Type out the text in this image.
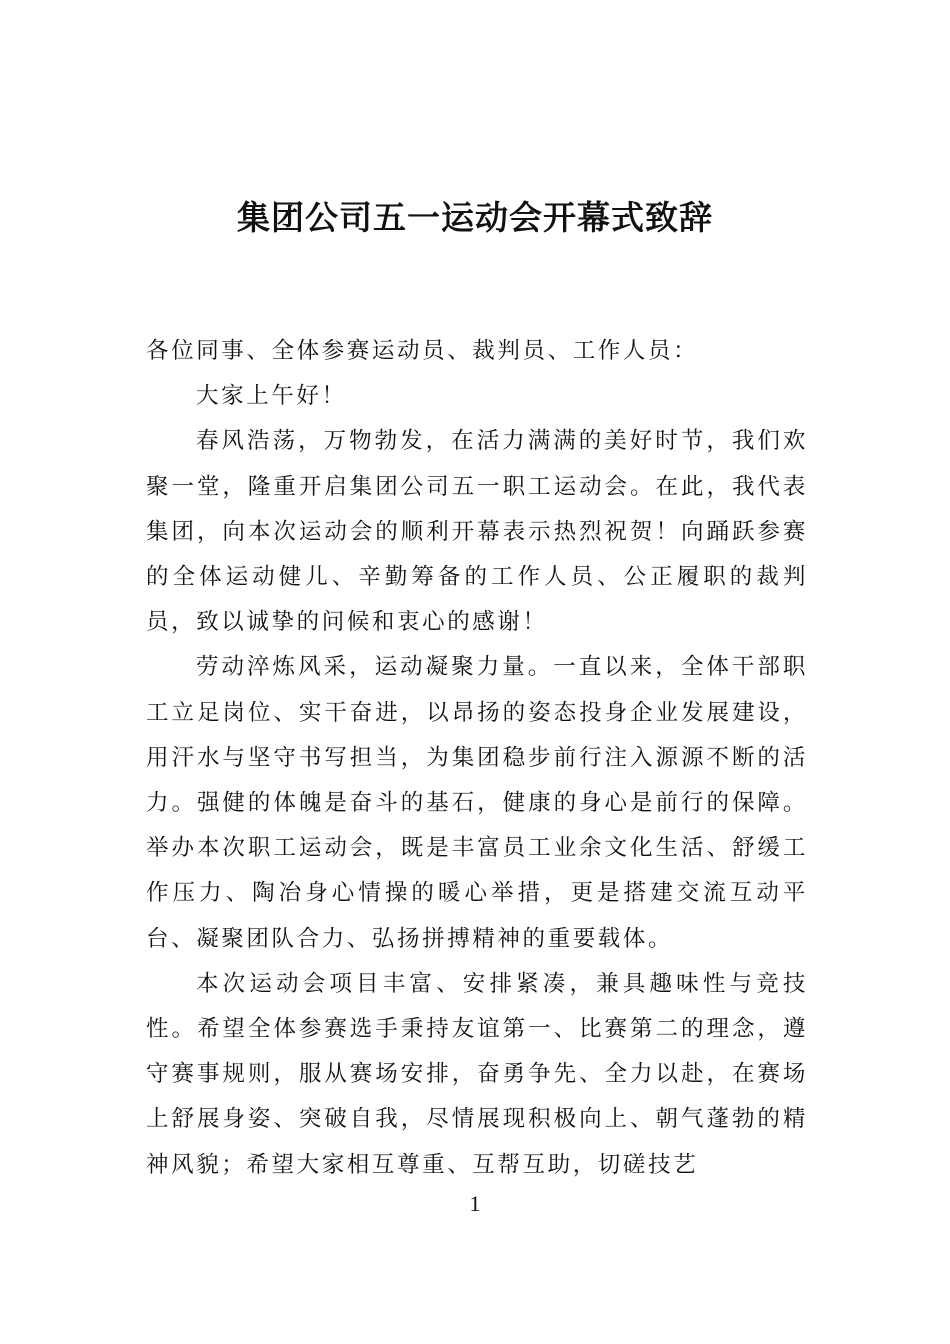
集团公司五一运动会开幕式致辞

各位同事、全体参赛运动员、裁判员、工作人员：

大家上午好！

春风浩荡，万物勃发，在活力满满的美好时节，我们欢聚一堂，隆重开启集团公司五一职工运动会。在此，我代表集团，向本次运动会的顺利开幕表示热烈祝贺！向踊跃参赛的全体运动健儿、辛勤筹备的工作人员、公正履职的裁判员，致以诚挚的问候和衷心的感谢！

劳动淬炼风采，运动凝聚力量。一直以来，全体干部职工立足岗位、实干奋进，以昂扬的姿态投身企业发展建设，用汗水与坚守书写担当，为集团稳步前行注入源源不断的活力。强健的体魄是奋斗的基石，健康的身心是前行的保障。举办本次职工运动会，既是丰富员工业余文化生活、舒缓工作压力、陶冶身心情操的暖心举措，更是搭建交流互动平台、凝聚团队合力、弘扬拼搏精神的重要载体。

本次运动会项目丰富、安排紧凑，兼具趣味性与竞技性。希望全体参赛选手秉持友谊第一、比赛第二的理念，遵守赛事规则，服从赛场安排，奋勇争先、全力以赴，在赛场上舒展身姿、突破自我，尽情展现积极向上、朝气蓬勃的精神风貌；希望大家相互尊重、互帮互助，切磋技艺

1
